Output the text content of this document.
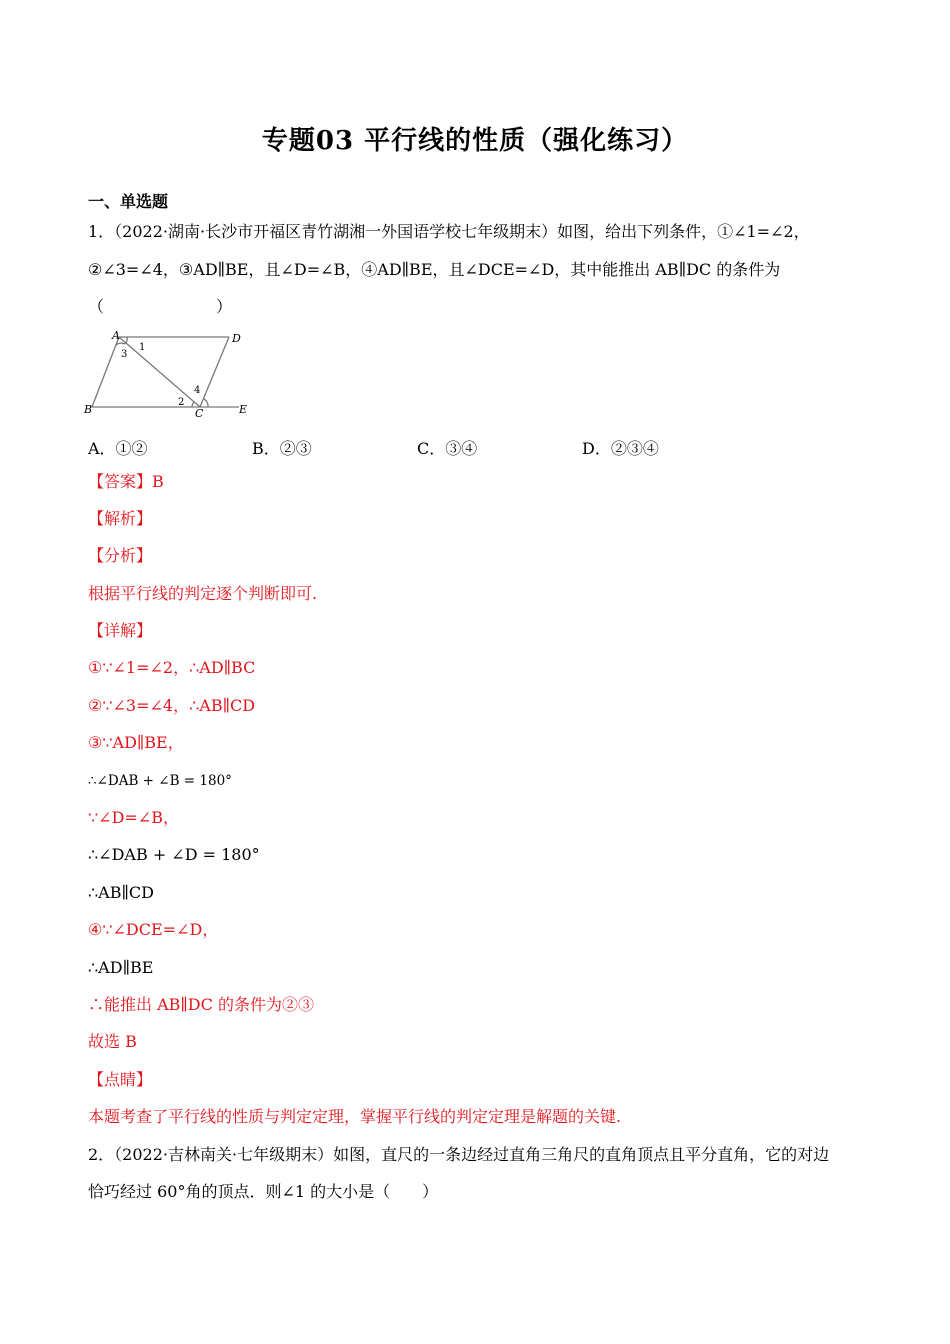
专题03 平行线的性质（强化练习）
一、单选题
1．（2022·湖南·长沙市开福区青竹湖湘一外国语学校七年级期末）如图，给出下列条件，①∠1=∠2，
②∠3=∠4，③AD∥BE，且∠D=∠B，④AD∥BE，且∠DCE=∠D，其中能推出 AB∥DC 的条件为
（　　　　　　　）
A	D
B	C	E
1
2
3
4
A．①②	B．②③	C．③④	D．②③④
【答案】B
【解析】
【分析】
根据平行线的判定逐个判断即可.
【详解】
①∵∠1=∠2，∴AD∥BC
②∵∠3=∠4，∴AB∥CD
③∵AD∥BE，
∴∠DAB + ∠B = 180°
∵∠D=∠B，
∴∠DAB + ∠D = 180°
∴AB∥CD
④∵∠DCE=∠D，
∴AD∥BE
∴能推出 AB∥DC 的条件为②③
故选 B
【点睛】
本题考查了平行线的性质与判定定理，掌握平行线的判定定理是解题的关键.
2．（2022·吉林南关·七年级期末）如图，直尺的一条边经过直角三角尺的直角顶点且平分直角，它的对边
恰巧经过 60°角的顶点．则∠1 的大小是（　　）
